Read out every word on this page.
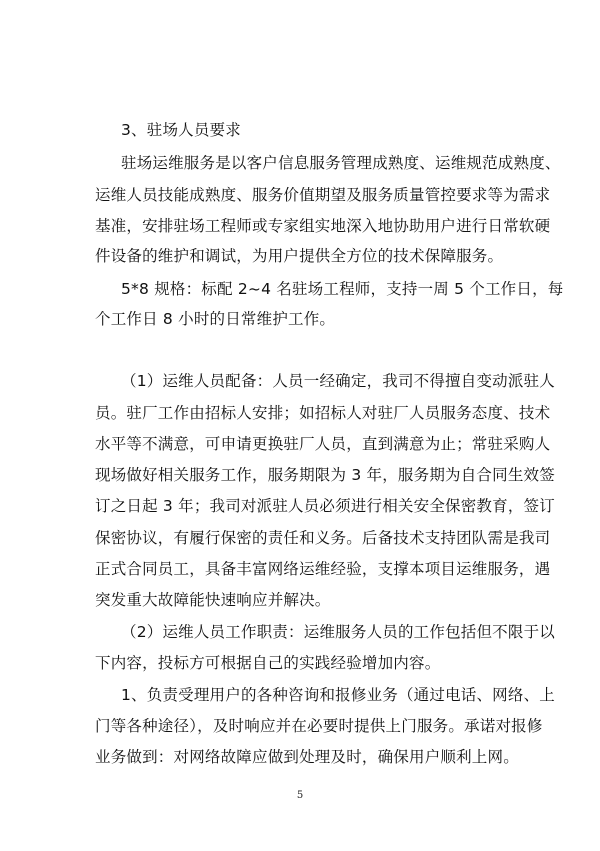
3、驻场人员要求
驻场运维服务是以客户信息服务管理成熟度、运维规范成熟度、
运维人员技能成熟度、服务价值期望及服务质量管控要求等为需求
基准，安排驻场工程师或专家组实地深入地协助用户进行日常软硬
件设备的维护和调试，为用户提供全方位的技术保障服务。
5*8 规格：标配 2~4 名驻场工程师，支持一周 5 个工作日，每
个工作日 8 小时的日常维护工作。
（1）运维人员配备：人员一经确定，我司不得擅自变动派驻人
员。驻厂工作由招标人安排；如招标人对驻厂人员服务态度、技术
水平等不满意，可申请更换驻厂人员，直到满意为止；常驻采购人
现场做好相关服务工作，服务期限为 3 年，服务期为自合同生效签
订之日起 3 年；我司对派驻人员必须进行相关安全保密教育，签订
保密协议，有履行保密的责任和义务。后备技术支持团队需是我司
正式合同员工，具备丰富网络运维经验，支撑本项目运维服务，遇
突发重大故障能快速响应并解决。
（2）运维人员工作职责：运维服务人员的工作包括但不限于以
下内容，投标方可根据自己的实践经验增加内容。
1、负责受理用户的各种咨询和报修业务（通过电话、网络、上
门等各种途径），及时响应并在必要时提供上门服务。承诺对报修
业务做到：对网络故障应做到处理及时，确保用户顺利上网。
5
